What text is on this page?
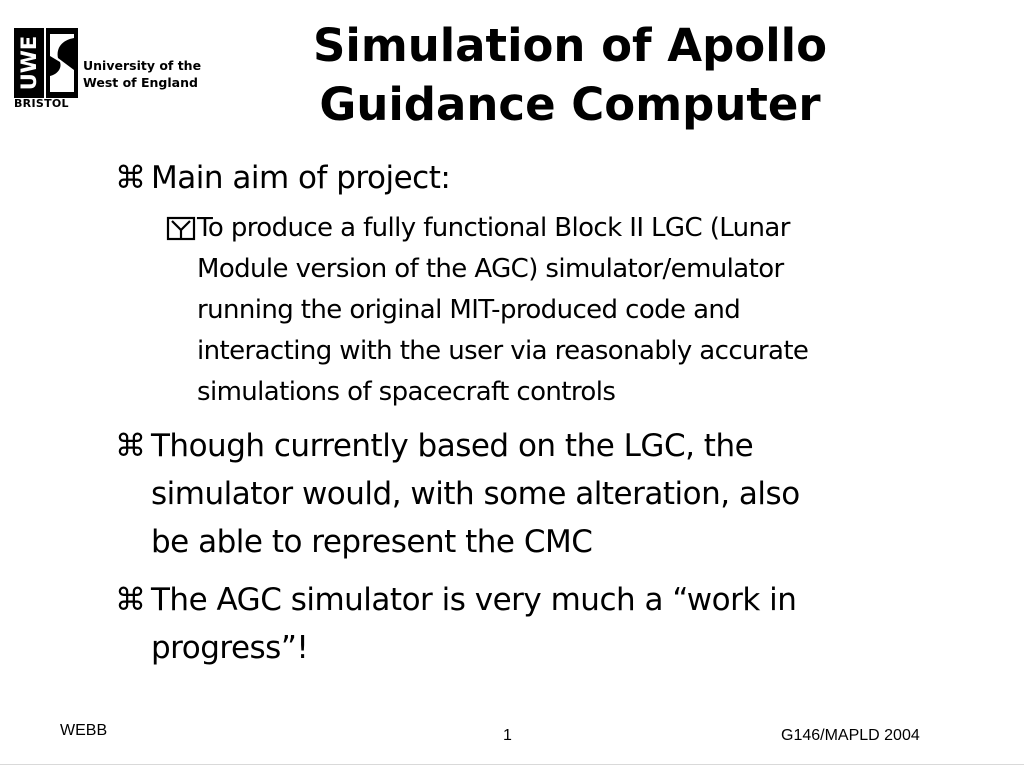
UWE	University of the
West of England
BRISTOL
Simulation of Apollo
Guidance Computer
⌘ Main aim of project:
To produce a fully functional Block II LGC (Lunar
Module version of the AGC) simulator/emulator
running the original MIT-produced code and
interacting with the user via reasonably accurate
simulations of spacecraft controls
⌘ Though currently based on the LGC, the
simulator would, with some alteration, also
be able to represent the CMC
⌘ The AGC simulator is very much a “work in
progress”!
WEBB	1	G146/MAPLD 2004
